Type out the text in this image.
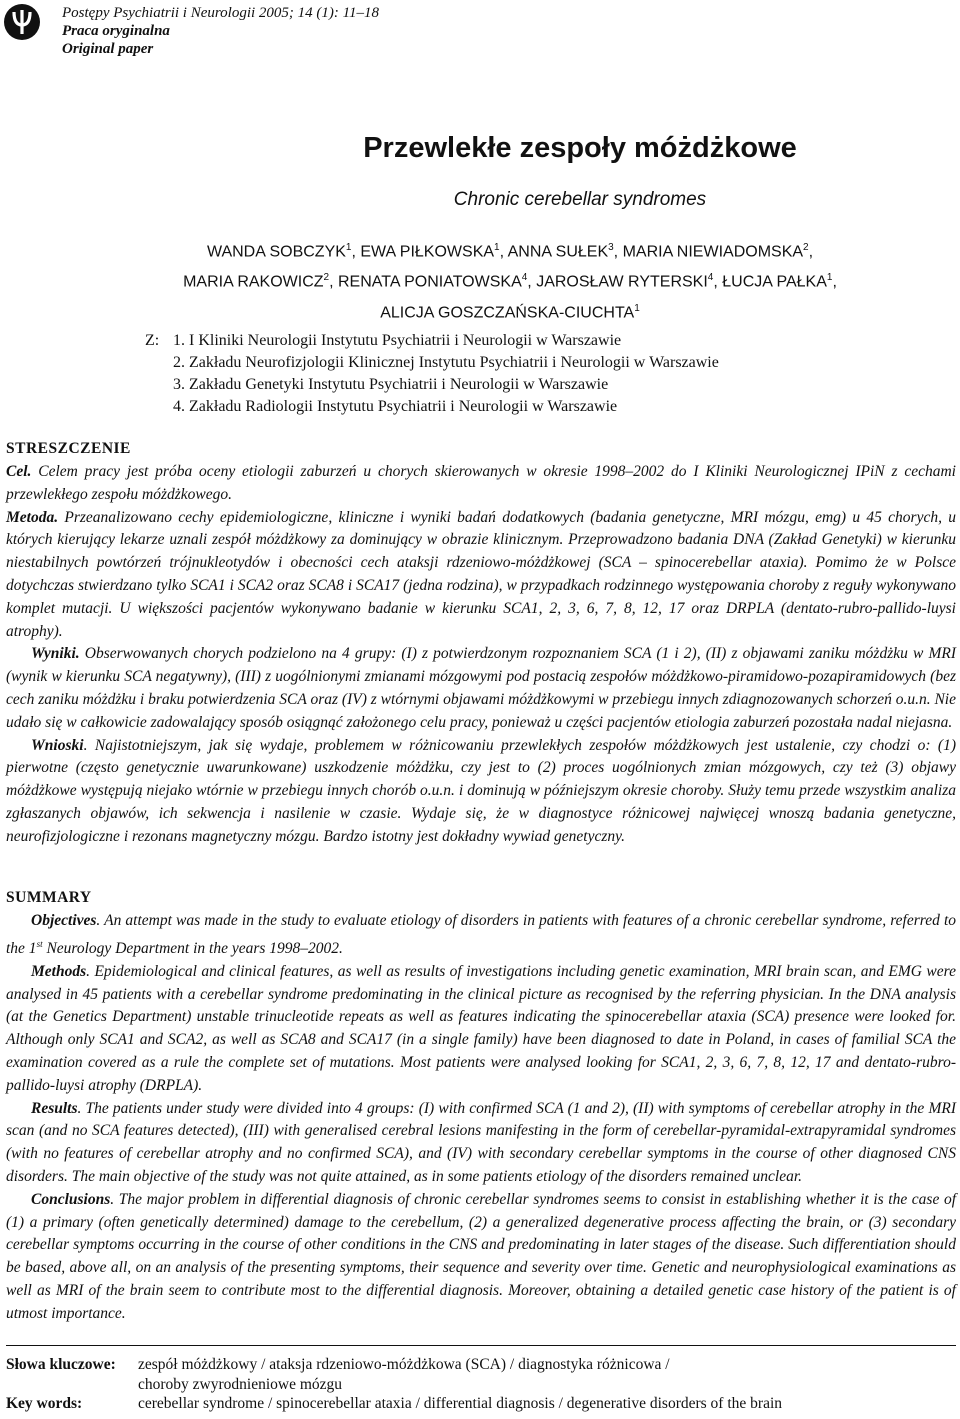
Postępy Psychiatrii i Neurologii 2005; 14 (1): 11–18
Praca oryginalna
Original paper
Przewlekłe zespoły móżdżkowe
Chronic cerebellar syndromes
WANDA SOBCZYK$^1$, EWA PIŁKOWSKA$^1$, ANNA SUŁEK$^3$, MARIA NIEWIADOMSKA$^2$,
MARIA RAKOWICZ$^2$, RENATA PONIATOWSKA$^4$, JAROSŁAW RYTERSKI$^4$, ŁUCJA PAŁKA$^1$,
ALICJA GOSZCZAŃSKA-CIUCHTA$^1$
Z: 1. I Kliniki Neurologii Instytutu Psychiatrii i Neurologii w Warszawie
2. Zakładu Neurofizjologii Klinicznej Instytutu Psychiatrii i Neurologii w Warszawie
3. Zakładu Genetyki Instytutu Psychiatrii i Neurologii w Warszawie
4. Zakładu Radiologii Instytutu Psychiatrii i Neurologii w Warszawie
STRESZCZENIE

Cel. Celem pracy jest próba oceny etiologii zaburzeń u chorych skierowanych w okresie 1998–2002 do I Kliniki Neurologicznej IPiN z cechami przewlekłego zespołu móżdżkowego.

Metoda. Przeanalizowano cechy epidemiologiczne, kliniczne i wyniki badań dodatkowych (badania genetyczne, MRI mózgu, emg) u 45 chorych, u których kierujący lekarze uznali zespół móżdżkowy za dominujący w obrazie klinicznym. Przeprowadzono badania DNA (Zakład Genetyki) w kierunku niestabilnych powtórzeń trójnukleotydów i obecności cech ataksji rdzeniowo-móżdżkowej (SCA – spinocerebellar ataxia). Pomimo że w Polsce dotychczas stwierdzano tylko SCA1 i SCA2 oraz SCA8 i SCA17 (jedna rodzina), w przypadkach rodzinnego występowania choroby z reguły wykonywano komplet mutacji. U większości pacjentów wykonywano badanie w kierunku SCA1, 2, 3, 6, 7, 8, 12, 17 oraz DRPLA (dentato-rubro-pallido-luysi atrophy).

Wyniki. Obserwowanych chorych podzielono na 4 grupy: (I) z potwierdzonym rozpoznaniem SCA (1 i 2), (II) z objawami zaniku móżdżku w MRI (wynik w kierunku SCA negatywny), (III) z uogólnionymi zmianami mózgowymi pod postacią zespołów móżdżkowo-piramidowo-pozapiramidowych (bez cech zaniku móżdżku i braku potwierdzenia SCA oraz (IV) z wtórnymi objawami móżdżkowymi w przebiegu innych zdiagnozowanych schorzeń o.u.n. Nie udało się w całkowicie zadowalający sposób osiągnąć założonego celu pracy, ponieważ u części pacjentów etiologia zaburzeń pozostała nadal niejasna.

Wnioski. Najistotniejszym, jak się wydaje, problemem w różnicowaniu przewlekłych zespołów móżdżkowych jest ustalenie, czy chodzi o: (1) pierwotne (często genetycznie uwarunkowane) uszkodzenie móżdżku, czy jest to (2) proces uogólnionych zmian mózgowych, czy też (3) objawy móżdżkowe występują niejako wtórnie w przebiegu innych chorób o.u.n. i dominują w późniejszym okresie choroby. Służy temu przede wszystkim analiza zgłaszanych objawów, ich sekwencja i nasilenie w czasie. Wydaje się, że w diagnostyce różnicowej najwięcej wnoszą badania genetyczne, neurofizjologiczne i rezonans magnetyczny mózgu. Bardzo istotny jest dokładny wywiad genetyczny.

SUMMARY

Objectives. An attempt was made in the study to evaluate etiology of disorders in patients with features of a chronic cerebellar syndrome, referred to the 1st Neurology Department in the years 1998–2002.

Methods. Epidemiological and clinical features, as well as results of investigations including genetic examination, MRI brain scan, and EMG were analysed in 45 patients with a cerebellar syndrome predominating in the clinical picture as recognised by the referring physician. In the DNA analysis (at the Genetics Department) unstable trinucleotide repeats as well as features indicating the spinocerebellar ataxia (SCA) presence were looked for. Although only SCA1 and SCA2, as well as SCA8 and SCA17 (in a single family) have been diagnosed to date in Poland, in cases of familial SCA the examination covered as a rule the complete set of mutations. Most patients were analysed looking for SCA1, 2, 3, 6, 7, 8, 12, 17 and dentato-rubro-pallido-luysi atrophy (DRPLA).

Results. The patients under study were divided into 4 groups: (I) with confirmed SCA (1 and 2), (II) with symptoms of cerebellar atrophy in the MRI scan (and no SCA features detected), (III) with generalised cerebral lesions manifesting in the form of cerebellar-pyramidal-extrapyramidal syndromes (with no features of cerebellar atrophy and no confirmed SCA), and (IV) with secondary cerebellar symptoms in the course of other diagnosed CNS disorders. The main objective of the study was not quite attained, as in some patients etiology of the disorders remained unclear.

Conclusions. The major problem in differential diagnosis of chronic cerebellar syndromes seems to consist in establishing whether it is the case of (1) a primary (often genetically determined) damage to the cerebellum, (2) a generalized degenerative process affecting the brain, or (3) secondary cerebellar symptoms occurring in the course of other conditions in the CNS and predominating in later stages of the disease. Such differentiation should be based, above all, on an analysis of the presenting symptoms, their sequence and severity over time. Genetic and neurophysiological examinations as well as MRI of the brain seem to contribute most to the differential diagnosis. Moreover, obtaining a detailed genetic case history of the patient is of utmost importance.

Słowa kluczowe:	zespół móżdżkowy / ataksja rdzeniowo-móżdżkowa (SCA) / diagnostyka różnicowa /
choroby zwyrodnieniowe mózgu
Key words:	cerebellar syndrome / spinocerebellar ataxia / differential diagnosis / degenerative disorders of the brain
